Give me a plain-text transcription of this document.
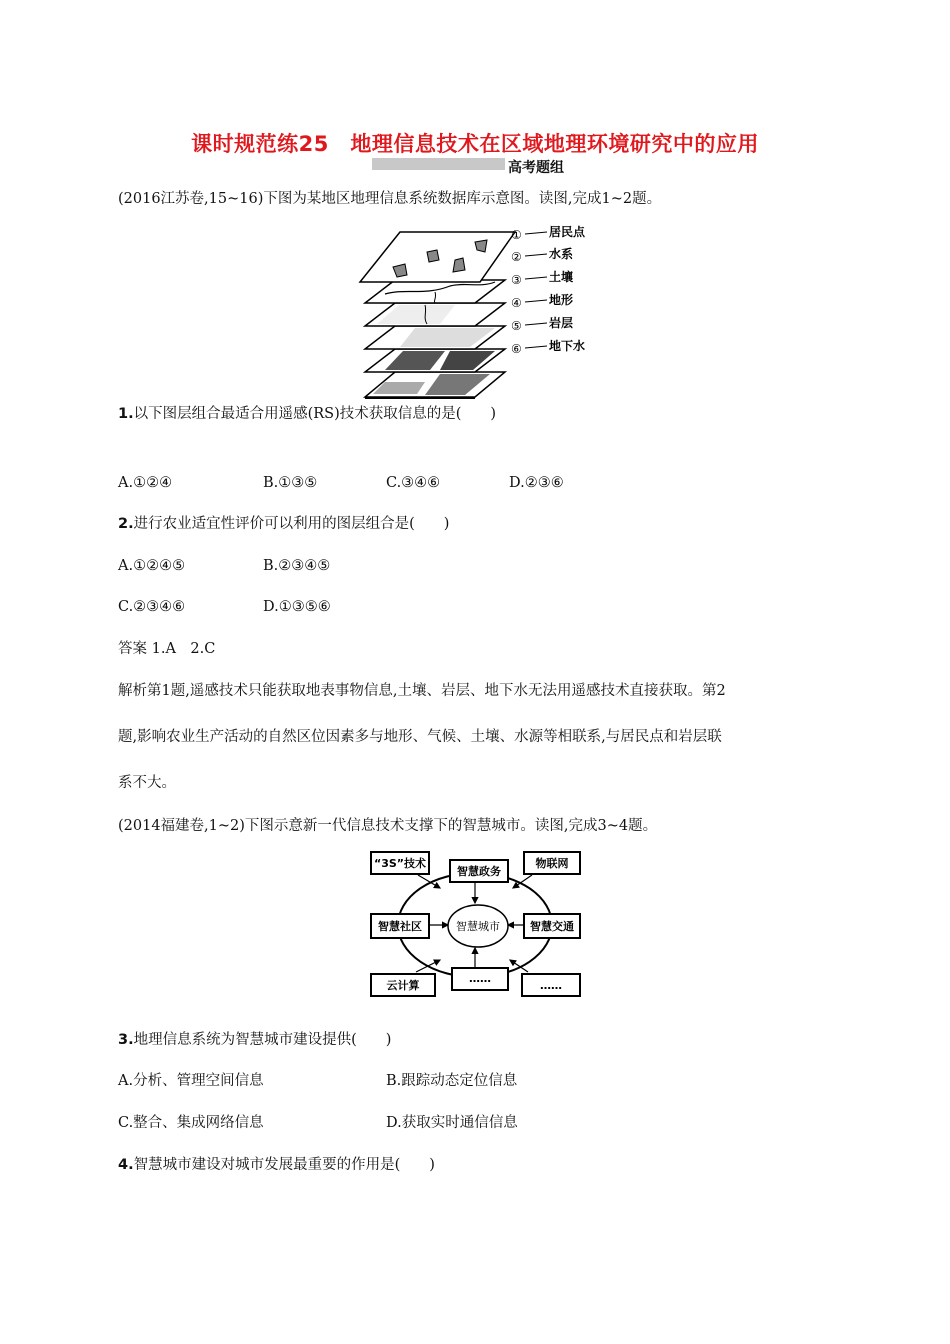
课时规范练25　地理信息技术在区域地理环境研究中的应用
高考题组
(2016江苏卷,15~16)下图为某地区地理信息系统数据库示意图。读图,完成1~2题。
①
②
③
④
⑤
⑥
居民点
水系
土壤
地形
岩层
地下水
1.以下图层组合最适合用遥感(RS)技术获取信息的是(　　)
A.①②④	B.①③⑤	C.③④⑥	D.②③⑥
2.进行农业适宜性评价可以利用的图层组合是(　　)
A.①②④⑤	B.②③④⑤
C.②③④⑥	D.①③⑤⑥
答案 1.A　2.C
解析第1题,遥感技术只能获取地表事物信息,土壤、岩层、地下水无法用遥感技术直接获取。第2
题,影响农业生产活动的自然区位因素多与地形、气候、土壤、水源等相联系,与居民点和岩层联
系不大。
(2014福建卷,1~2)下图示意新一代信息技术支撑下的智慧城市。读图,完成3~4题。
智慧城市
“3S”技术
智慧政务
物联网
智慧社区	智慧交通
云计算
……
……
3.地理信息系统为智慧城市建设提供(　　)
A.分析、管理空间信息	B.跟踪动态定位信息
C.整合、集成网络信息	D.获取实时通信信息
4.智慧城市建设对城市发展最重要的作用是(　　)
